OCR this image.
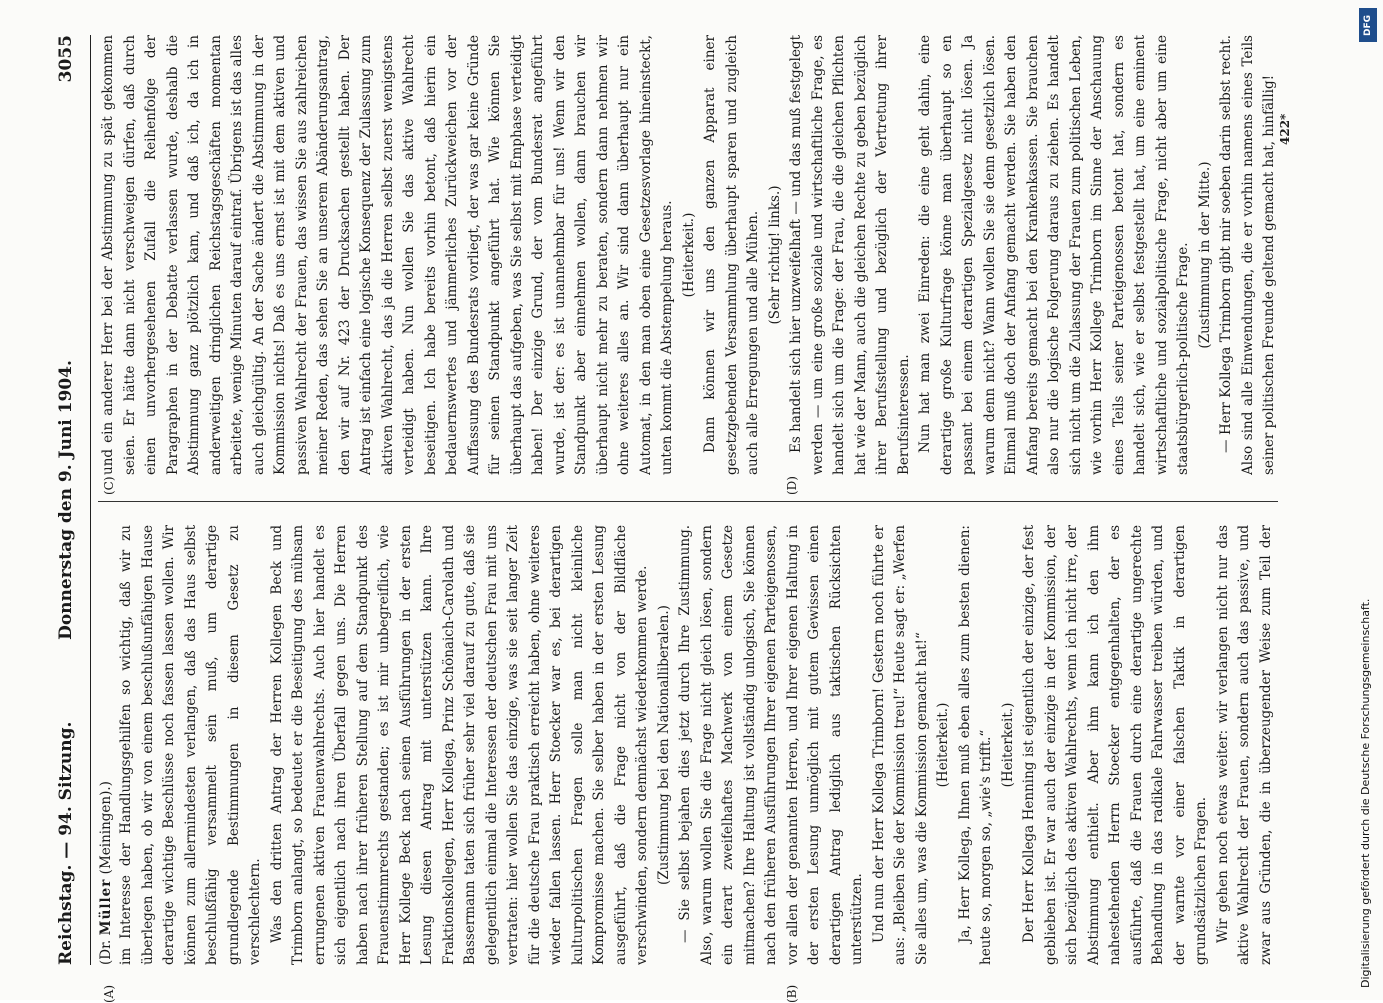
Reichstag. — 94. Sitzung.
Donnerstag den 9. Juni 1904.
3055
(A)	(B)
(C)	(D)

(Dr. Müller (Meiningen).) im Interesse der Handlungsgehilfen so wichtig, daß wir zu überlegen haben, ob wir von einem beschlußunfähigen Hause derartige wichtige Beschlüsse noch fassen lassen wollen. Wir können zum allermindesten verlangen, daß das Haus selbst beschlußfähig versammelt sein muß, um derartige grundlegende Bestimmungen in diesem Gesetz zu verschlechtern. Was den dritten Antrag der Herren Kollegen Beck und Trimborn anlangt, so bedeutet er die Beseitigung des mühsam errungenen aktiven Frauenwahlrechts. Auch hier handelt es sich eigentlich nach ihren Überfall gegen uns. Die Herren haben nach ihrer früheren Stellung auf dem Standpunkt des Frauenstimmrechts gestanden; es ist mir unbegreiflich, wie Herr Kollege Beck nach seinen Ausführungen in der ersten Lesung diesen Antrag mit unterstützen kann. Ihre Fraktionskollegen, Herr Kollega, Prinz Schönaich-Carolath und Bassermann taten sich früher sehr viel darauf zu gute, daß sie gelegentlich einmal die Interessen der deutschen Frau mit uns vertraten: hier wollen Sie das einzige, was sie seit langer Zeit für die deutsche Frau praktisch erreicht haben, ohne weiteres wieder fallen lassen. Herr Stoecker war es, bei derartigen kulturpolitischen Fragen solle man nicht kleinliche Kompromisse machen. Sie selber haben in der ersten Lesung ausgeführt, daß die Frage nicht von der Bildfläche verschwinden, sondern demnächst wiederkommen werde. (Zustimmung bei den Nationalliberalen.) — Sie selbst bejahen dies jetzt durch Ihre Zustimmung. Also, warum wollen Sie die Frage nicht gleich lösen, sondern ein derart zweifelhaftes Machwerk von einem Gesetze mitmachen? Ihre Haltung ist vollständig unlogisch, Sie können nach den früheren Ausführungen Ihrer eigenen Parteigenossen, vor allen der genannten Herren, und Ihrer eigenen Haltung in der ersten Lesung unmöglich mit gutem Gewissen einen derartigen Antrag lediglich aus taktischen Rücksichten unterstützen. Und nun der Herr Kollega Trimborn! Gestern noch führte er aus: „Bleiben Sie der Kommission treu!“ Heute sagt er: „Werfen Sie alles um, was die Kommission gemacht hat!“ (Heiterkeit.) Ja, Herr Kollega, Ihnen muß eben alles zum besten dienen: heute so, morgen so, „wie's trifft.“ (Heiterkeit.) Der Herr Kollega Henning ist eigentlich der einzige, der fest geblieben ist. Er war auch der einzige in der Kommission, der sich bezüglich des aktiven Wahlrechts, wenn ich nicht irre, der Abstimmung enthielt. Aber ihm kann ich den ihm nahestehenden Herrn Stoecker entgegenhalten, der es ausführte, daß die Frauen durch eine derartige ungerechte Behandlung in das radikale Fahrwasser treiben würden, und der warnte vor einer falschen Taktik in derartigen grundsätzlichen Fragen. Wir gehen noch etwas weiter: wir verlangen nicht nur das aktive Wahlrecht der Frauen, sondern auch das passive, und zwar aus Gründen, die in überzeugender Weise zum Teil der

und ein anderer Herr bei der Abstimmung zu spät gekommen seien. Er hätte dann nicht verschweigen dürfen, daß durch einen unvorhergesehenen Zufall die Reihenfolge der Paragraphen in der Debatte verlassen wurde, deshalb die Abstimmung ganz plötzlich kam, und daß ich, da ich in anderweitigen dringlichen Reichstagsgeschäften momentan arbeitete, wenige Minuten darauf eintraf. Übrigens ist das alles auch gleichgültig. An der Sache ändert die Abstimmung in der Kommission nichts! Daß es uns ernst ist mit dem aktiven und passiven Wahlrecht der Frauen, das wissen Sie aus zahlreichen meiner Reden, das sehen Sie an unserem Abänderungsantrag, den wir auf Nr. 423 der Drucksachen gestellt haben. Der Antrag ist einfach eine logische Konsequenz der Zulassung zum aktiven Wahlrecht, das ja die Herren selbst zuerst wenigstens verteidigt haben. Nun wollen Sie das aktive Wahlrecht beseitigen. Ich habe bereits vorhin betont, daß hierin ein bedauernswertes und jämmerliches Zurückweichen vor der Auffassung des Bundesrats vorliegt, der was gar keine Gründe für seinen Standpunkt angeführt hat. Wie können Sie überhaupt das aufgeben, was Sie selbst mit Emphase verteidigt haben! Der einzige Grund, der vom Bundesrat angeführt wurde, ist der: es ist unannehmbar für uns! Wenn wir den Standpunkt aber einnehmen wollen, dann brauchen wir überhaupt nicht mehr zu beraten, sondern dann nehmen wir ohne weiteres alles an. Wir sind dann überhaupt nur ein Automat, in den man oben eine Gesetzesvorlage hineinsteckt, unten kommt die Abstempelung heraus. (Heiterkeit.) Dann können wir uns den ganzen Apparat einer gesetzgebenden Versammlung überhaupt sparen und zugleich auch alle Erregungen und alle Mühen. (Sehr richtig! links.) Es handelt sich hier unzweifelhaft — und das muß festgelegt werden — um eine große soziale und wirtschaftliche Frage, es handelt sich um die Frage: der Frau, die die gleichen Pflichten hat wie der Mann, auch die gleichen Rechte zu geben bezüglich ihrer Berufsstellung und bezüglich der Vertretung ihrer Berufsinteressen. Nun hat man zwei Einreden: die eine geht dahin, eine derartige große Kulturfrage könne man überhaupt so en passant bei einem derartigen Spezialgesetz nicht lösen. Ja warum denn nicht? Wann wollen Sie sie denn gesetzlich lösen. Einmal muß doch der Anfang gemacht werden. Sie haben den Anfang bereits gemacht bei den Krankenkassen. Sie brauchen also nur die logische Folgerung daraus zu ziehen. Es handelt sich nicht um die Zulassung der Frauen zum politischen Leben, wie vorhin Herr Kollege Trimborn im Sinne der Anschauung eines Teils seiner Parteigenossen betont hat, sondern es handelt sich, wie er selbst festgestellt hat, um eine eminent wirtschaftliche und sozialpolitische Frage, nicht aber um eine staatsbürgerlich-politische Frage. (Zustimmung in der Mitte.) — Herr Kollega Trimborn gibt mir soeben darin selbst recht. Also sind alle Einwendungen, die er vorhin namens eines Teils seiner politischen Freunde geltend gemacht hat, hinfällig! 422*
DFG
Digitalisierung gefördert durch die Deutsche Forschungsgemeinschaft.
